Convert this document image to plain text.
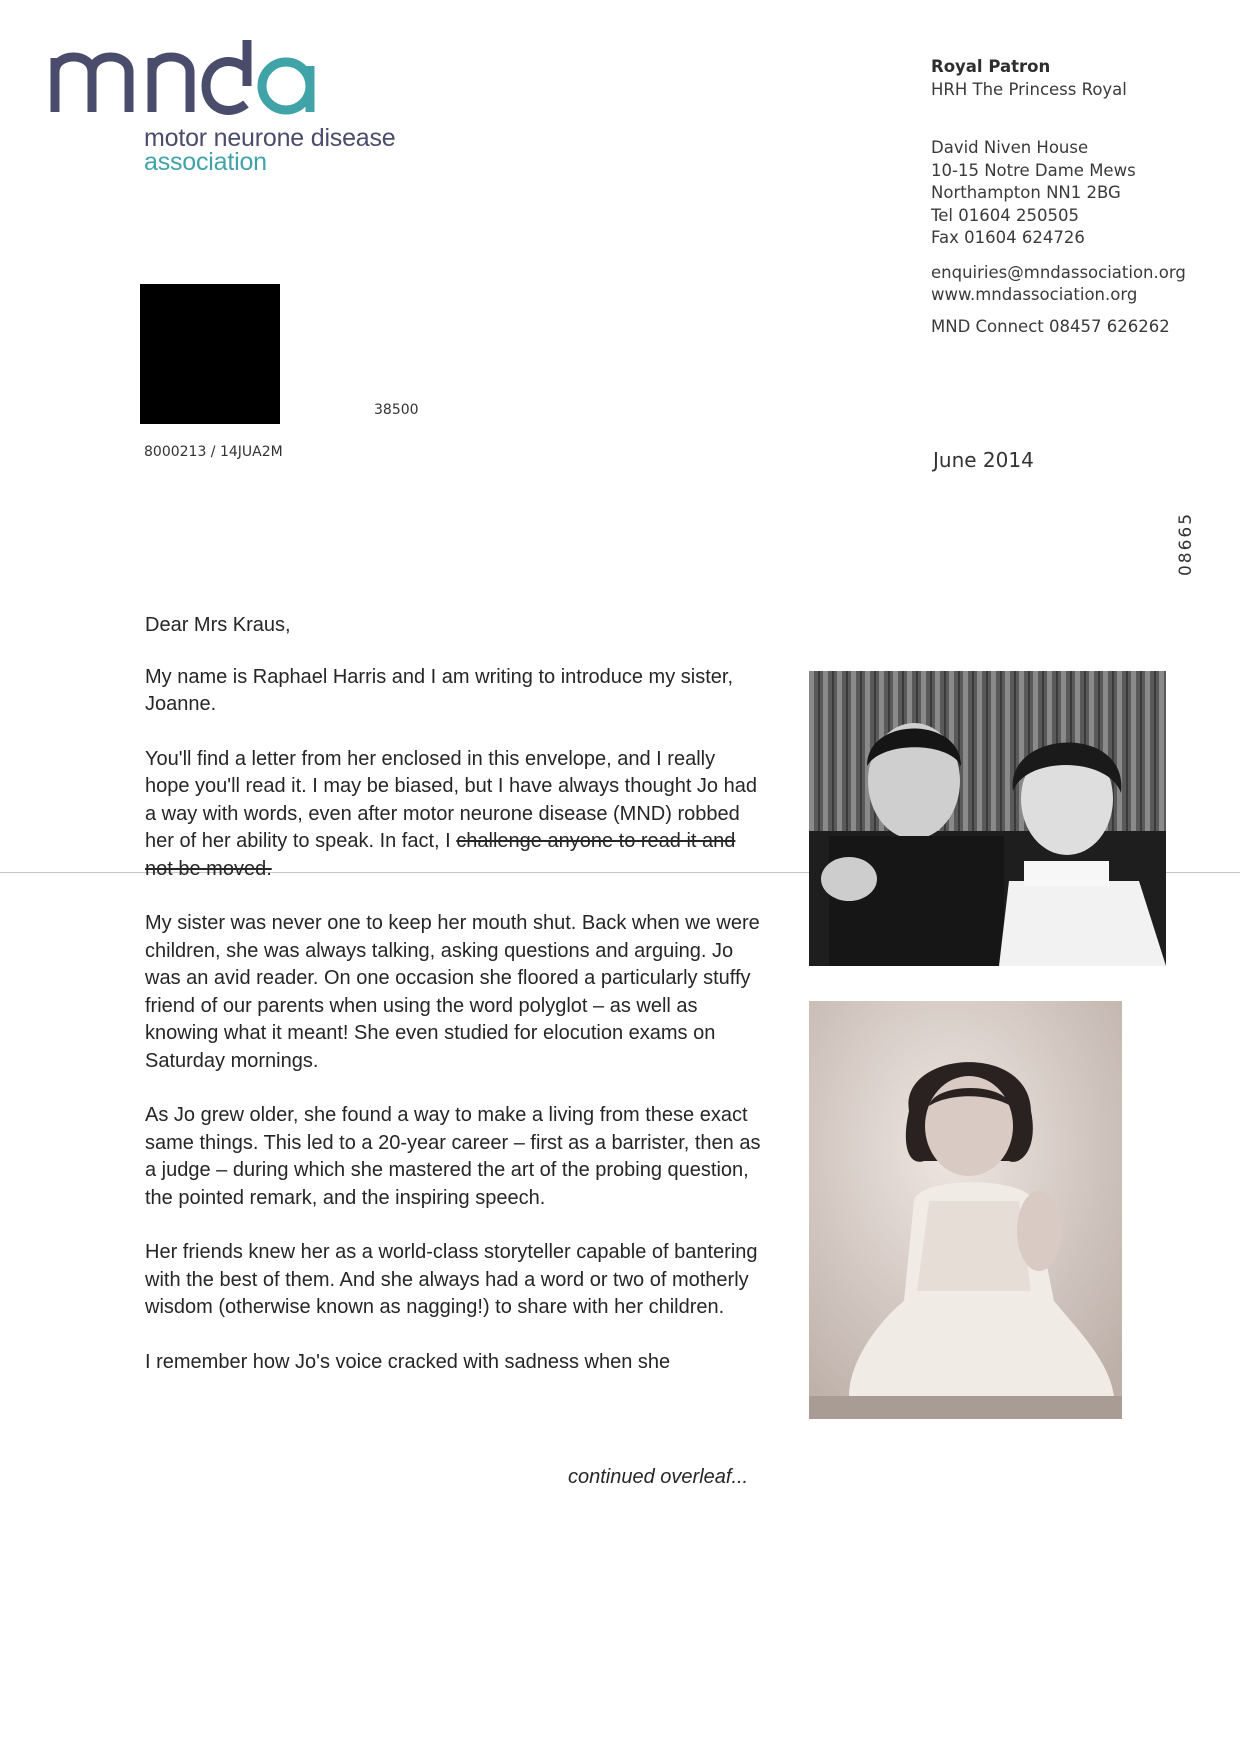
motor neurone disease
association
Royal Patron
HRH The Princess Royal
David Niven House
10-15 Notre Dame Mews
Northampton NN1 2BG
Tel 01604 250505
Fax 01604 624726
enquiries@mndassociation.org
www.mndassociation.org
MND Connect 08457 626262
38500
8000213 / 14JUA2M	June 2014
08665

Dear Mrs Kraus,

My name is Raphael Harris and I am writing to introduce my sister, Joanne.

You'll find a letter from her enclosed in this envelope, and I really hope you'll read it. I may be biased, but I have always thought Jo had a way with words, even after motor neurone disease (MND) robbed her of her ability to speak. In fact, I challenge anyone to read it and not be moved.

My sister was never one to keep her mouth shut. Back when we were children, she was always talking, asking questions and arguing. Jo was an avid reader. On one occasion she floored a particularly stuffy friend of our parents when using the word polyglot – as well as knowing what it meant! She even studied for elocution exams on Saturday mornings.

As Jo grew older, she found a way to make a living from these exact same things. This led to a 20-year career – first as a barrister, then as a judge – during which she mastered the art of the probing question, the pointed remark, and the inspiring speech.

Her friends knew her as a world-class storyteller capable of bantering with the best of them. And she always had a word or two of motherly wisdom (otherwise known as nagging!) to share with her children.

I remember how Jo's voice cracked with sadness when she

continued overleaf...
